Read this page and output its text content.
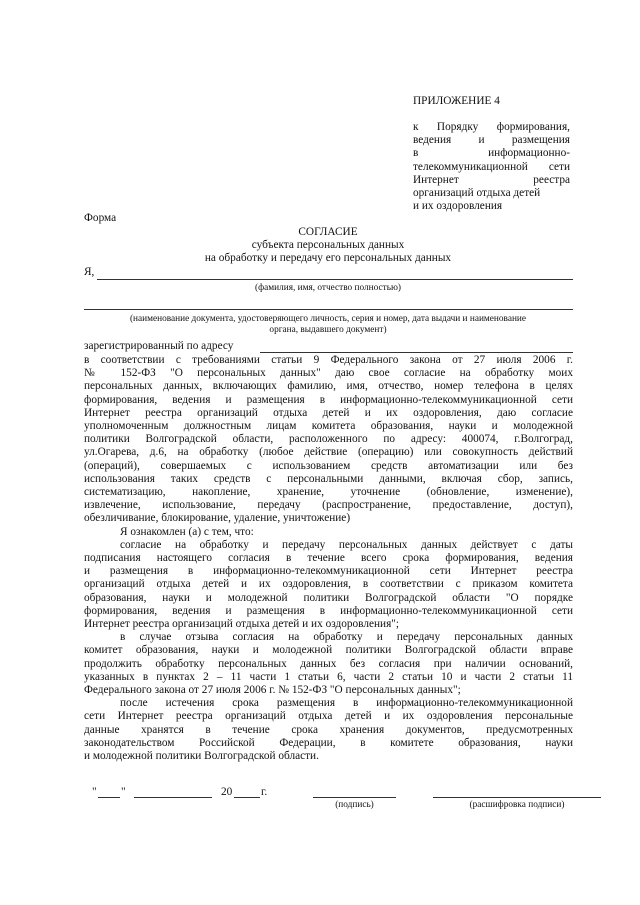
ПРИЛОЖЕНИЕ 4
к Порядку формирования,
ведения и размещения
в информационно-
телекоммуникационной сети
Интернет реестра
организаций отдыха детей
и их оздоровления
Форма
СОГЛАСИЕ
субъекта персональных данных
на обработку и передачу его персональных данных
Я,
(фамилия, имя, отчество полностью)
(наименование документа, удостоверяющего личность, серия и номер, дата выдачи и наименование
органа, выдавшего документ)
зарегистрированный по адресу
в соответствии с требованиями статьи 9 Федерального закона от 27 июля 2006 г.
№ 152-ФЗ "О персональных данных" даю свое согласие на обработку моих
персональных данных, включающих фамилию, имя, отчество, номер телефона в целях
формирования, ведения и размещения в информационно-телекоммуникационной сети
Интернет реестра организаций отдыха детей и их оздоровления, даю согласие
уполномоченным должностным лицам комитета образования, науки и молодежной
политики Волгоградской области, расположенного по адресу: 400074, г.Волгоград,
ул.Огарева, д.6, на обработку (любое действие (операцию) или совокупность действий
(операций), совершаемых с использованием средств автоматизации или без
использования таких средств с персональными данными, включая сбор, запись,
систематизацию, накопление, хранение, уточнение (обновление, изменение),
извлечение, использование, передачу (распространение, предоставление, доступ),
обезличивание, блокирование, удаление, уничтожение)
Я ознакомлен (а) с тем, что:
согласие на обработку и передачу персональных данных действует с даты
подписания настоящего согласия в течение всего срока формирования, ведения
и размещения в информационно-телекоммуникационной сети Интернет реестра
организаций отдыха детей и их оздоровления, в соответствии с приказом комитета
образования, науки и молодежной политики Волгоградской области "О порядке
формирования, ведения и размещения в информационно-телекоммуникационной сети
Интернет реестра организаций отдыха детей и их оздоровления";
в случае отзыва согласия на обработку и передачу персональных данных
комитет образования, науки и молодежной политики Волгоградской области вправе
продолжить обработку персональных данных без согласия при наличии оснований,
указанных в пунктах 2 – 11 части 1 статьи 6, части 2 статьи 10 и части 2 статьи 11
Федерального закона от 27 июля 2006 г. № 152-ФЗ "О персональных данных";
после истечения срока размещения в информационно-телекоммуникационной
сети Интернет реестра организаций отдыха детей и их оздоровления персональные
данные хранятся в течение срока хранения документов, предусмотренных
законодательством Российской Федерации, в комитете образования, науки
и молодежной политики Волгоградской области.
" "	20	г.
(подпись)	(расшифровка подписи)
